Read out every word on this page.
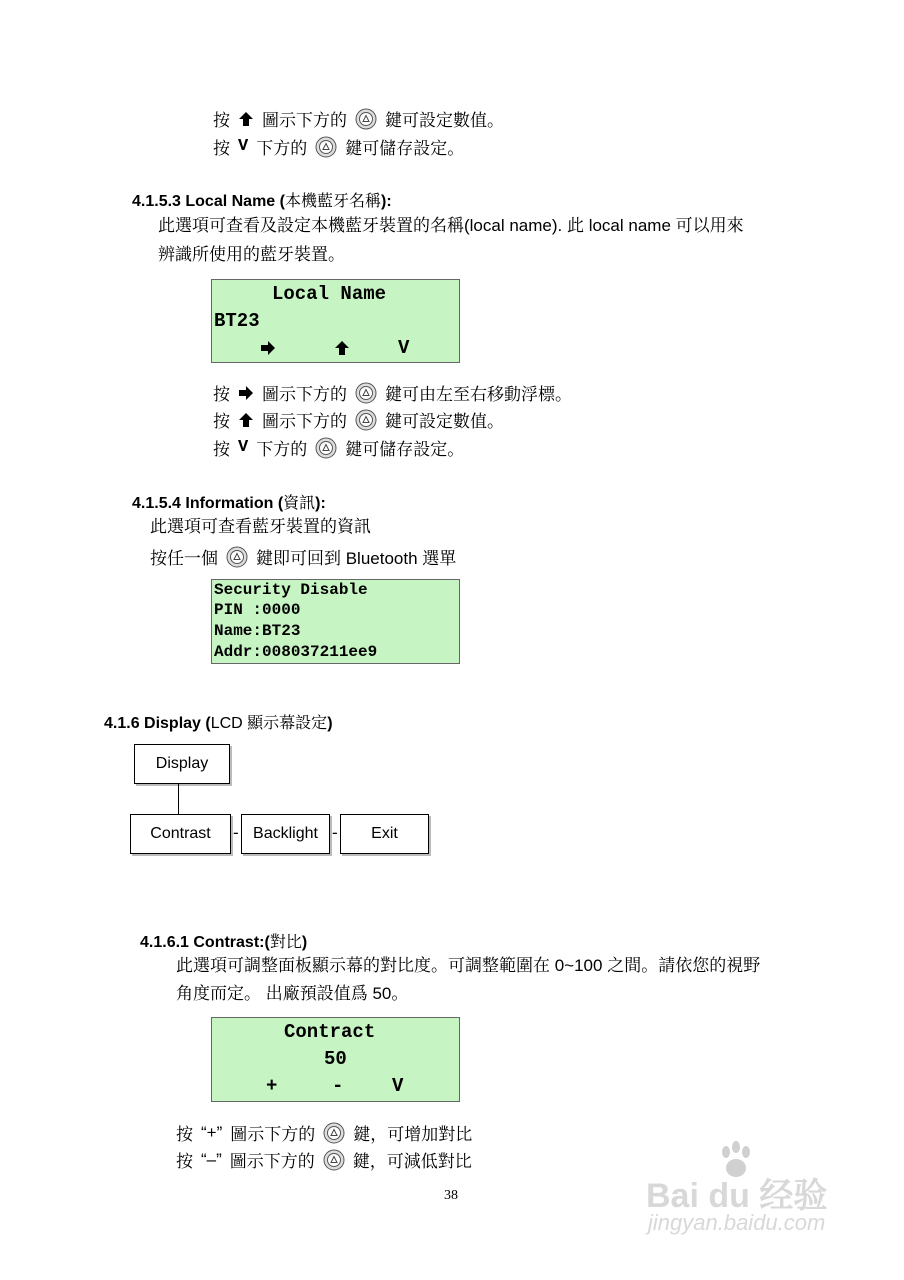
按 圖示下方的 鍵可設定數值。
按 V 下方的 鍵可儲存設定。
4.1.5.3 Local Name (本機藍牙名稱):
此選項可查看及設定本機藍牙裝置的名稱(local name). 此 local name 可以用來
辨識所使用的藍牙裝置。
Local Name
BT23
V
按 圖示下方的 鍵可由左至右移動浮標。
按 圖示下方的 鍵可設定數值。
按 V 下方的 鍵可儲存設定。
4.1.5.4 Information (資訊):
此選項可查看藍牙裝置的資訊
按任一個 鍵即可回到 Bluetooth 選單
Security Disable
PIN :0000
Name:BT23
Addr:008037211ee9
4.1.6 Display (LCD 顯示幕設定)
Display
Contrast	- Backlight -	Exit
4.1.6.1 Contrast:(對比)
此選項可調整面板顯示幕的對比度。可調整範圍在 0~100 之間。請依您的視野
角度而定。 出廠預設值爲 50。
Contract
50
+	-	V
按 “+” 圖示下方的 鍵，可增加對比
按 “–” 圖示下方的 鍵，可減低對比
38	Bai du 经验
jingyan.baidu.com
